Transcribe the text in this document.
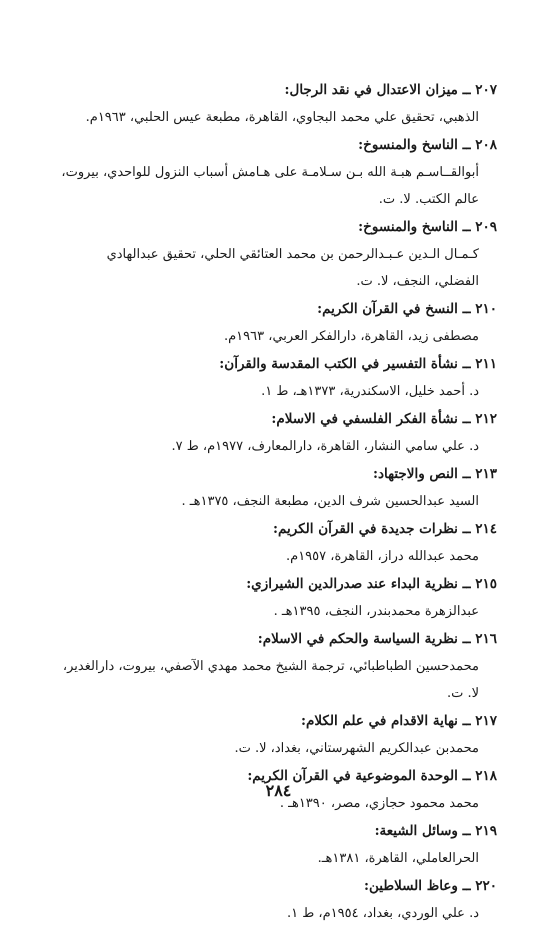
٢٠٧ ــ ميزان الاعتدال في نقد الرجال:
الذهبي، تحقيق علي محمد البجاوي، القاهرة، مطبعة عيس الحلبي، ١٩٦٣م.
٢٠٨ ــ الناسخ والمنسوخ:
أبوالقــاسـم هبـة الله بـن سـلامـة على هـامش أسباب النزول للواحدي، بيروت، عالم الكتب. لا. ت.
٢٠٩ ــ الناسخ والمنسوخ:
كـمـال الـدين عـبـدالرحمن بن محمد العتائقي الحلي، تحقيق عبدالهادي الفضلي، النجف، لا. ت.
٢١٠ ــ النسخ في القرآن الكريم:
مصطفى زيد، القاهرة، دارالفكر العربي، ١٩٦٣م.
٢١١ ــ نشأة التفسير في الكتب المقدسة والقرآن:
د. أحمد خليل، الاسكندرية، ١٣٧٣هـ، ط ١.
٢١٢ ــ نشأة الفكر الفلسفي في الاسلام:
د. علي سامي النشار، القاهرة، دارالمعارف، ١٩٧٧م، ط ٧.
٢١٣ ــ النص والاجتهاد:
السيد عبدالحسين شرف الدين، مطبعة النجف، ١٣٧٥هـ .
٢١٤ ــ نظرات جديدة في القرآن الكريم:
محمد عبدالله دراز، القاهرة، ١٩٥٧م.
٢١٥ ــ نظرية البداء عند صدرالدين الشيرازي:
عبدالزهرة محمدبندر، النجف، ١٣٩٥هـ .
٢١٦ ــ نظرية السياسة والحكم في الاسلام:
محمدحسين الطباطبائي، ترجمة الشيخ محمد مهدي الآصفي، بيروت، دارالغدير، لا. ت.
٢١٧ ــ نهاية الاقدام في علم الكلام:
محمدبن عبدالكريم الشهرستاني، بغداد، لا. ت.
٢١٨ ــ الوحدة الموضوعية في القرآن الكريم:
محمد محمود حجازي، مصر، ١٣٩٠هـ .
٢١٩ ــ وسائل الشيعة:
الحرالعاملي، القاهرة، ١٣٨١هـ.
٢٢٠ ــ وعاظ السلاطين:
د. علي الوردي، بغداد، ١٩٥٤م، ط ١.
٢٨٤
